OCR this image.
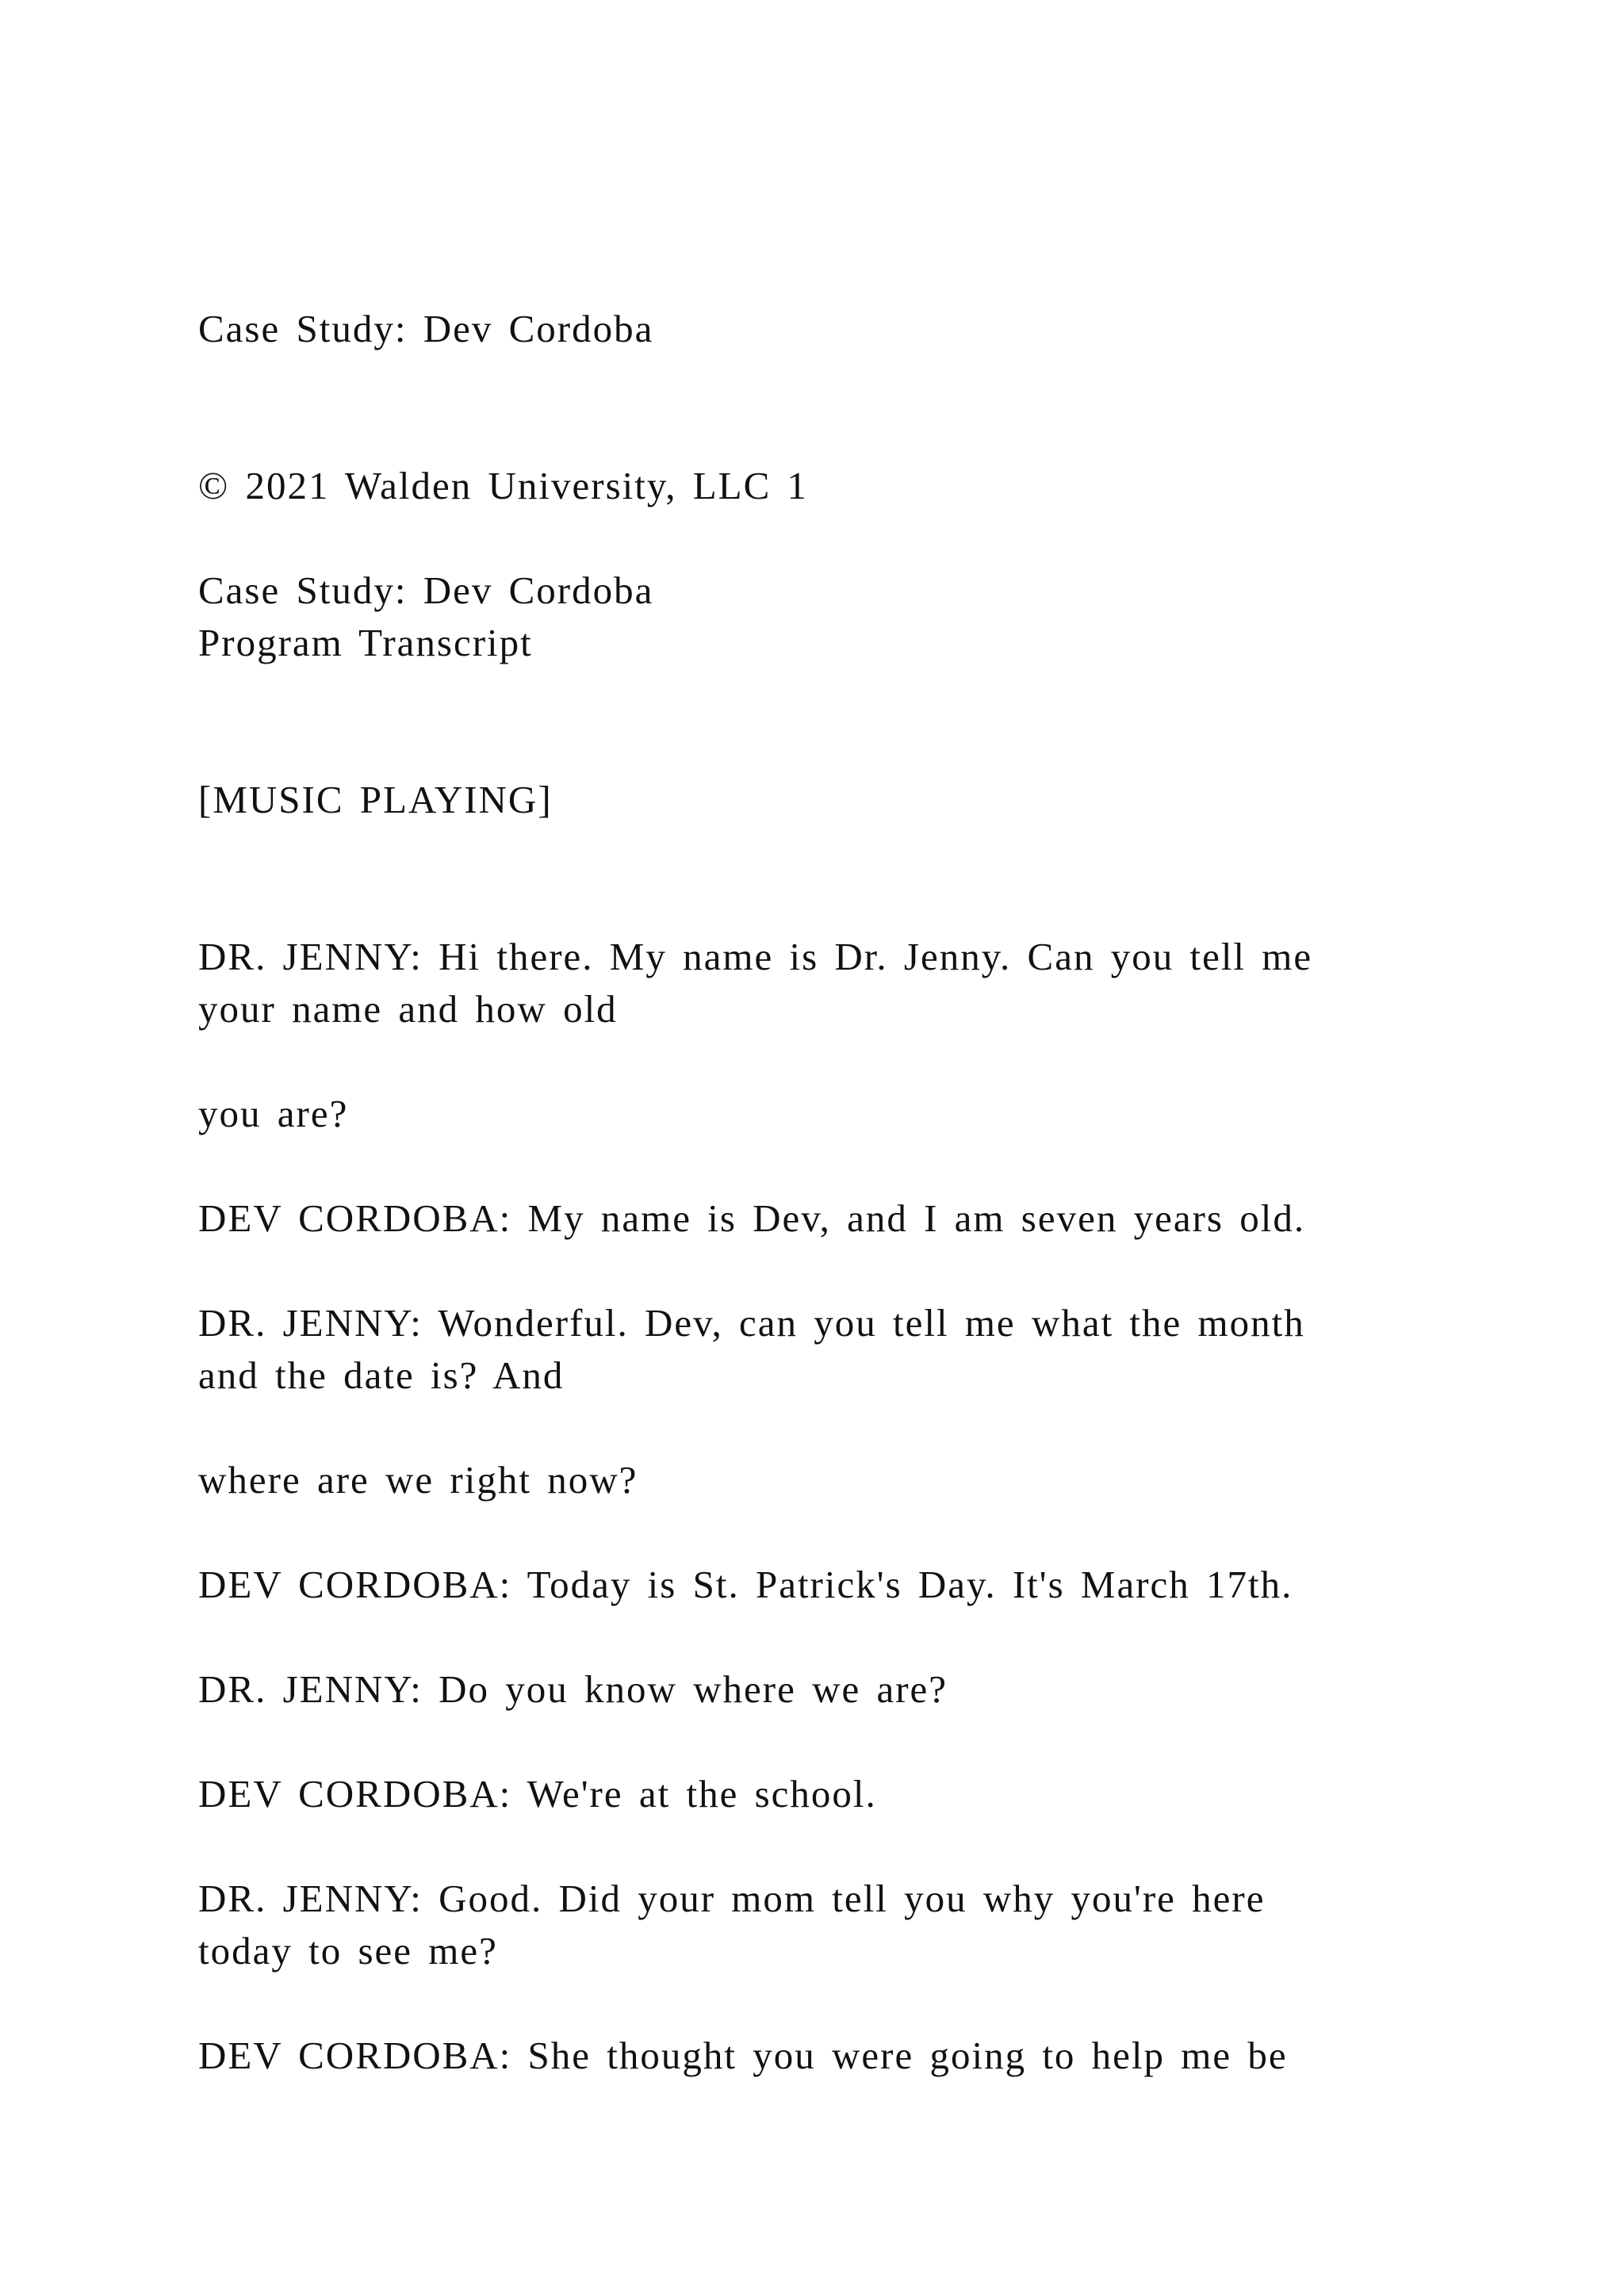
Case Study: Dev Cordoba

© 2021 Walden University, LLC 1

Case Study: Dev Cordoba

Program Transcript

[MUSIC PLAYING]

DR. JENNY: Hi there. My name is Dr. Jenny. Can you tell me

your name and how old

you are?

DEV CORDOBA: My name is Dev, and I am seven years old.

DR. JENNY: Wonderful. Dev, can you tell me what the month

and the date is? And

where are we right now?

DEV CORDOBA: Today is St. Patrick's Day. It's March 17th.

DR. JENNY: Do you know where we are?

DEV CORDOBA: We're at the school.

DR. JENNY: Good. Did your mom tell you why you're here

today to see me?

DEV CORDOBA: She thought you were going to help me be
